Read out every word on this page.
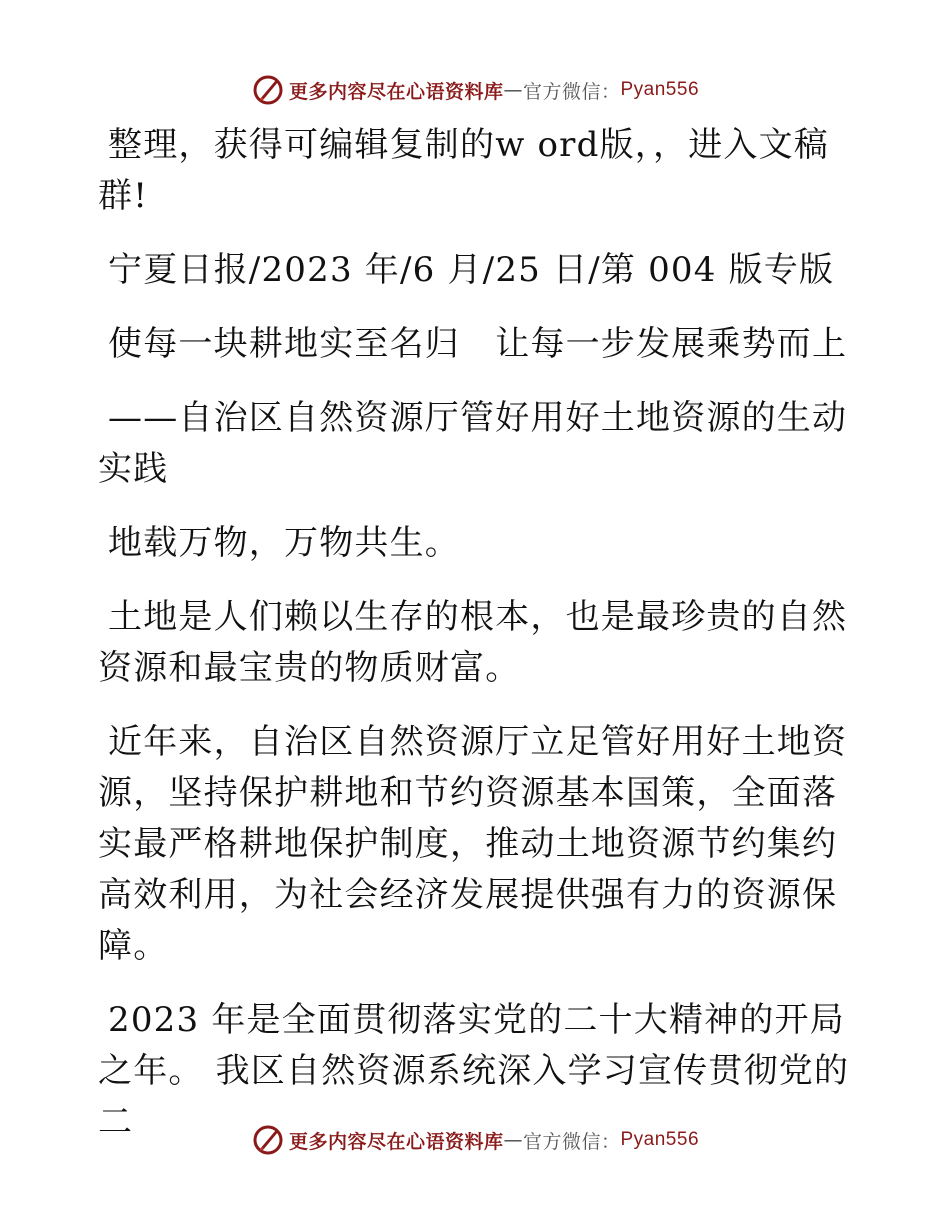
更多内容尽在心语资料库 — 官方微信： Pyan556

整理，获得可编辑复制的w ord版，，进入文稿群!

宁夏日报/2023 年/6 月/25 日/第 004 版专版

使每一块耕地实至名归　让每一步发展乘势而上

——自治区自然资源厅管好用好土地资源的生动实践

地载万物，万物共生。

土地是人们赖以生存的根本，也是最珍贵的自然资源和最宝贵的物质财富。

近年来，自治区自然资源厅立足管好用好土地资源，坚持保护耕地和节约资源基本国策，全面落实最严格耕地保护制度，推动土地资源节约集约高效利用，为社会经济发展提供强有力的资源保障。

2023 年是全面贯彻落实党的二十大精神的开局之年。 我区自然资源系统深入学习宣传贯彻党的二	更多内容尽在心语资料库 — 官方微信： Pyan556
